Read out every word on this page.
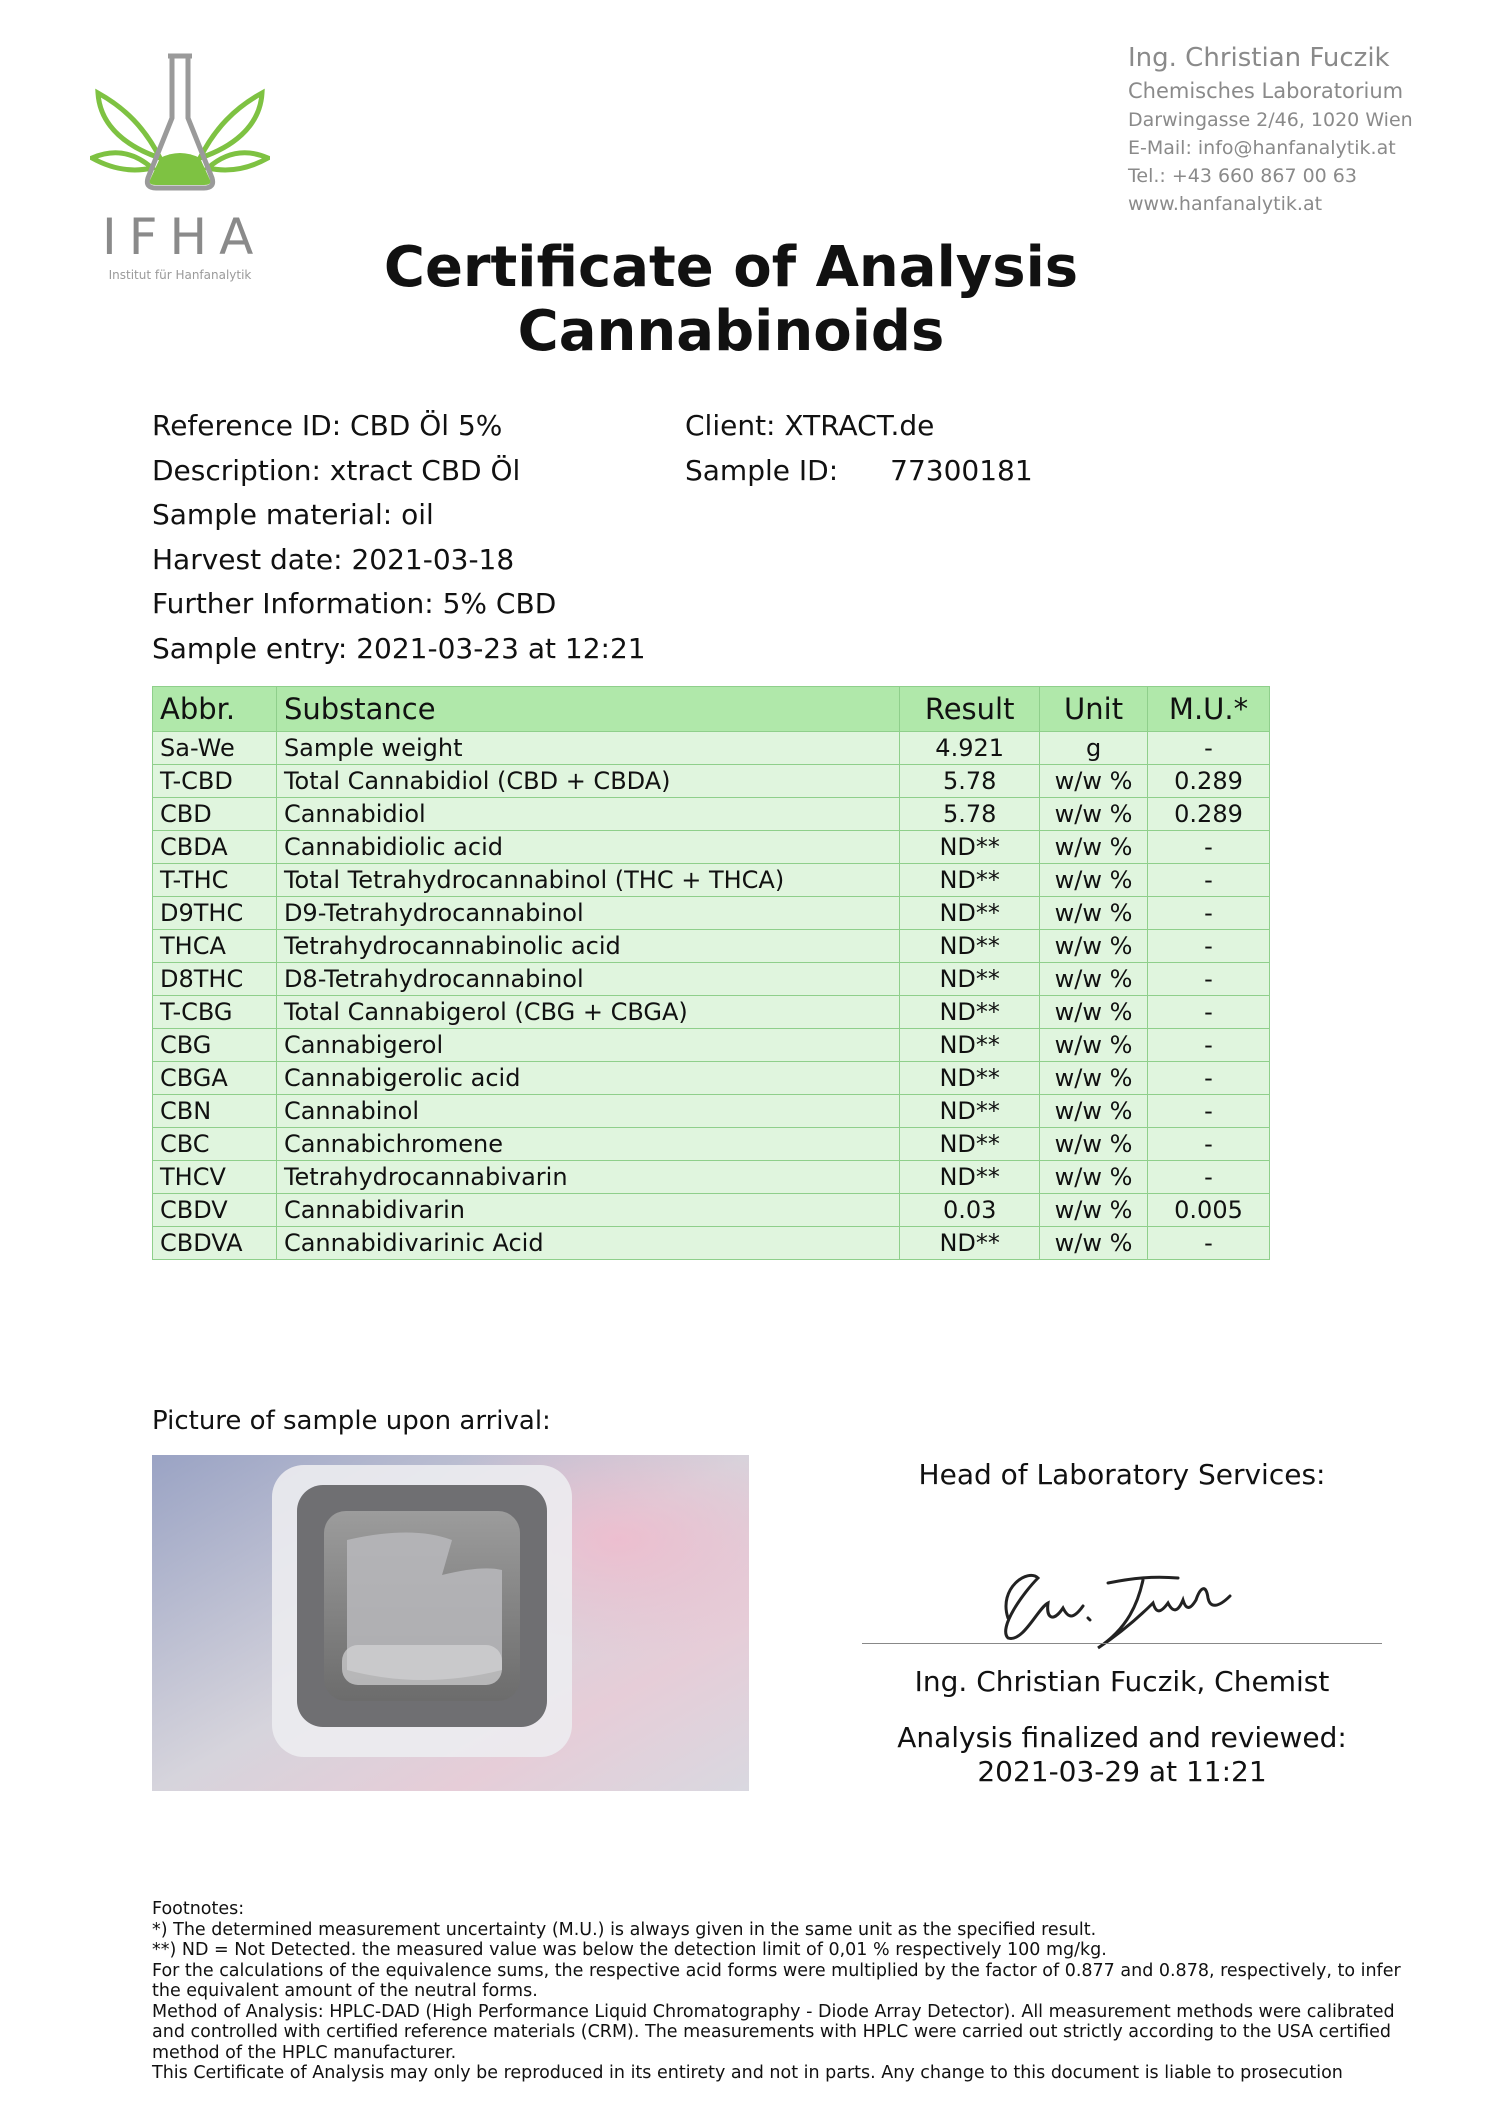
IFHA
Institut für Hanfanalytik
Ing. Christian Fuczik
Chemisches Laboratorium
Darwingasse 2/46, 1020 Wien
E-Mail: info@hanfanalytik.at
Tel.: +43 660 867 00 63
www.hanfanalytik.at
Certificate of Analysis
Cannabinoids
Reference ID: CBD Öl 5%
Description: xtract CBD Öl
Sample material: oil
Harvest date: 2021-03-18
Further Information: 5% CBD
Sample entry: 2021-03-23 at 12:21
Client: XTRACT.de
Sample ID: 77300181
Abbr.	Substance	Result	Unit	M.U.*
Sa-We	Sample weight	4.921	g	-
T-CBD	Total Cannabidiol (CBD + CBDA)	5.78	w/w %	0.289
CBD	Cannabidiol	5.78	w/w %	0.289
CBDA	Cannabidiolic acid	ND**	w/w %	-
T-THC	Total Tetrahydrocannabinol (THC + THCA)	ND**	w/w %	-
D9THC	D9-Tetrahydrocannabinol	ND**	w/w %	-
THCA	Tetrahydrocannabinolic acid	ND**	w/w %	-
D8THC	D8-Tetrahydrocannabinol	ND**	w/w %	-
T-CBG	Total Cannabigerol (CBG + CBGA)	ND**	w/w %	-
CBG	Cannabigerol	ND**	w/w %	-
CBGA	Cannabigerolic acid	ND**	w/w %	-
CBN	Cannabinol	ND**	w/w %	-
CBC	Cannabichromene	ND**	w/w %	-
THCV	Tetrahydrocannabivarin	ND**	w/w %	-
CBDV	Cannabidivarin	0.03	w/w %	0.005
CBDVA	Cannabidivarinic Acid	ND**	w/w %	-
Picture of sample upon arrival:
Head of Laboratory Services:
Ing. Christian Fuczik, Chemist
Analysis finalized and reviewed:
2021-03-29 at 11:21
Footnotes:
*) The determined measurement uncertainty (M.U.) is always given in the same unit as the specified result.
**) ND = Not Detected. the measured value was below the detection limit of 0,01 % respectively 100 mg/kg.
For the calculations of the equivalence sums, the respective acid forms were multiplied by the factor of 0.877 and 0.878, respectively, to infer the equivalent amount of the neutral forms.
Method of Analysis: HPLC-DAD (High Performance Liquid Chromatography - Diode Array Detector). All measurement methods were calibrated and controlled with certified reference materials (CRM). The measurements with HPLC were carried out strictly according to the USA certified method of the HPLC manufacturer.
This Certificate of Analysis may only be reproduced in its entirety and not in parts. Any change to this document is liable to prosecution
